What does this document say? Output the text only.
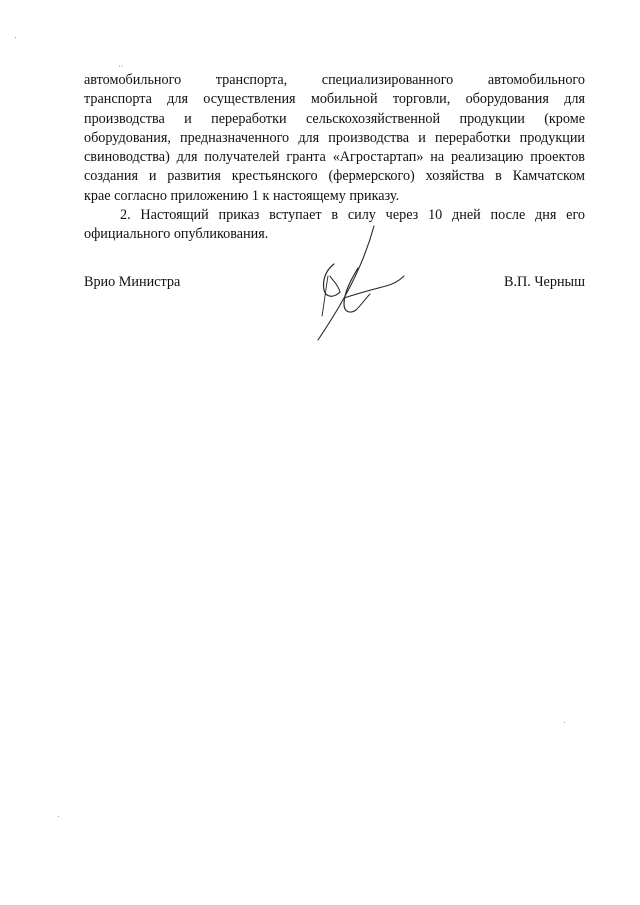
··

автомобильного транспорта, специализированного автомобильного
транспорта для осуществления мобильной торговли, оборудования для
производства и переработки сельскохозяйственной продукции (кроме
оборудования, предназначенного для производства и переработки продукции
свиноводства) для получателей гранта «Агростартап» на реализацию проектов
создания и развития крестьянского (фермерского) хозяйства в Камчатском
крае согласно приложению 1 к настоящему приказу.

2. Настоящий приказ вступает в силу через 10 дней после дня его
официального опубликования.

Врио Министра	В.П. Черныш
